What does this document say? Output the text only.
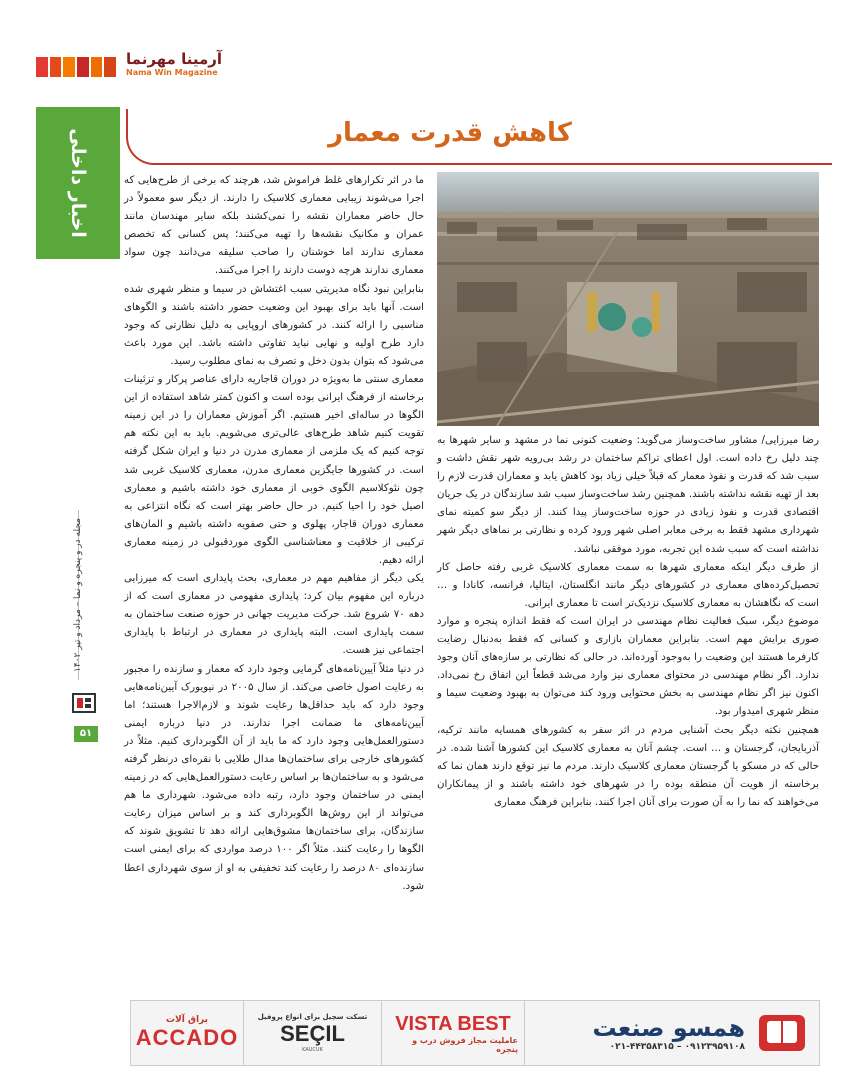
آرمینا مهرنما
Nama Win Magazine
اخبار داخلی
مجله در و پنجره و نما – مرداد و تیر ۱۴۰۲
۵۱
کاهش قدرت معمار

ما در اثر تکرارهای غلط فراموش شد، هرچند که برخی از طرح‌هایی که اجرا می‌شوند زیبایی معماری کلاسیک را دارند. از دیگر سو معمولاً در حال حاضر معماران نقشه را نمی‌کشند بلکه سایر مهندسان مانند عمران و مکانیک نقشه‌ها را تهیه می‌کنند؛ پس کسانی که تخصص معماری ندارند اما خوشنان را صاحب سلیقه می‌دانند چون سواد معماری ندارند هرچه دوست دارند را اجرا می‌کنند.

بنابراین نبود نگاه مدیریتی سبب اغتشاش در سیما و منظر شهری شده است. آنها باید برای بهبود این وضعیت حضور داشته باشند و الگوهای مناسبی را ارائه کنند. در کشورهای اروپایی به دلیل نظارتی که وجود دارد طرح اولیه و نهایی نباید تفاوتی داشته باشد. این مورد باعث می‌شود که بتوان بدون دخل و تصرف به نمای مطلوب رسید.

معماری سنتی ما به‌ویژه در دوران قاجاریه دارای عناصر پرکار و تزئینات برخاسته از فرهنگ ایرانی بوده است و اکنون کمتر شاهد استفاده از این الگوها در ساله‌ای اخیر هستیم. اگر آموزش معماران را در این زمینه تقویت کنیم شاهد طرح‌های عالی‌تری می‌شویم. باید به این نکته هم توجه کنیم که یک ملزمی از معماری مدرن در دنیا و ایران شکل گرفته است. در کشورها جایگزین معماری مدرن، معماری کلاسیک غربی شد چون نئوکلاسیم الگوی خوبی از معماری خود داشته باشیم و معماری اصیل خود را احیا کنیم. در حال حاضر بهتر است که نگاه انتزاعی به معماری دوران قاجار، پهلوی و حتی صفویه داشته باشیم و المان‌های ترکیبی از خلاقیت و معناشناسی الگوی موردقبولی در زمینه معماری ارائه دهیم.

یکی دیگر از مفاهیم مهم در معماری، بحث پایداری است که میرزایی درباره این مفهوم بیان کرد: پایداری مفهومی در معماری است که از دهه ۷۰ شروع شد. حرکت مدیریت جهانی در حوزه صنعت ساختمان به سمت پایداری است. البته پایداری در معماری در ارتباط با پایداری اجتماعی نیز هست.

در دنیا مثلاً آیین‌نامه‌های گرمایی وجود دارد که معمار و سازنده را مجبور به رعایت اصول خاصی می‌کند. از سال ۲۰۰۵ در نیویورک آیین‌نامه‌هایی وجود دارد که باید حداقل‌ها رعایت شوند و لازم‌الاجرا هستند؛ اما آیین‌نامه‌های ما ضمانت اجرا ندارند. در دنیا درباره ایمنی دستورالعمل‌هایی وجود دارد که ما باید از آن الگوبرداری کنیم. مثلاً در کشورهای خارجی برای ساختمان‌ها مدال طلایی با نقره‌ای درنظر گرفته می‌شود و به ساختمان‌ها بر اساس رعایت دستورالعمل‌هایی که در زمینه ایمنی در ساختمان وجود دارد، رتبه داده می‌شود. شهرداری ما هم می‌تواند از این روش‌ها الگوبرداری کند و بر اساس میزان رعایت سازندگان، برای ساختمان‌ها مشوق‌هایی ارائه دهد تا تشویق شوند که الگوها را رعایت کنند. مثلاً اگر ۱۰۰ درصد مواردی که برای ایمنی است سازنده‌ای ۸۰ درصد را رعایت کند تخفیفی به او از سوی شهرداری اعطا شود.

رضا میرزایی/ مشاور ساخت‌وساز می‌گوید: وضعیت کنونی نما در مشهد و سایر شهرها به چند دلیل رخ داده است. اول اعطای تراکم ساختمان در رشد بی‌رویه شهر نقش داشت و سبب شد که قدرت و نفوذ معمار که قبلاً خیلی زیاد بود کاهش یابد و معماران قدرت لازم را بعد از تهیه نقشه نداشته باشند. همچنین رشد ساخت‌وساز سبب شد سازندگان در یک جریان اقتصادی قدرت و نفوذ زیادی در حوزه ساخت‌وساز پیدا کنند. از دیگر سو کمیته نمای شهرداری مشهد فقط به برخی معابر اصلی شهر ورود کرده و نظارتی بر نماهای دیگر شهر نداشته است که سبب شده این تجربه، مورد موفقی نباشد.

از طرف دیگر اینکه معماری شهرها به سمت معماری کلاسیک غربی رفته حاصل کار تحصیل‌کرده‌های معماری در کشورهای دیگر مانند انگلستان، ایتالیا، فرانسه، کانادا و … است که نگاهشان به معماری کلاسیک نزدیک‌تر است تا معماری ایرانی.

موضوع دیگر، سبک فعالیت نظام مهندسی در ایران است که فقط اندازه پنجره و موارد صوری برایش مهم است. بنابراین معماران بازاری و کسانی که فقط به‌دنبال رضایت کارفرما هستند این وضعیت را به‌وجود آورده‌اند. در حالی که نظارتی بر سازه‌های آنان وجود ندارد. اگر نظام مهندسی در محتوای معماری نیز وارد می‌شد قطعاً این اتفاق رخ نمی‌داد. اکنون نیز اگر نظام مهندسی به بخش محتوایی ورود کند می‌توان به بهبود وضعیت سیما و منظر شهری امیدوار بود.

همچنین نکته دیگر بحث آشنایی مردم در اثر سفر به کشورهای همسایه مانند ترکیه، آذربایجان، گرجستان و … است. چشم آنان به معماری کلاسیک این کشورها آشنا شده. در حالی که در مسکو یا گرجستان معماری کلاسیک دارند. مردم ما نیز توقع دارند همان نما که برخاسته از هویت آن منطقه بوده را در شهرهای خود داشته باشند و از پیمانکاران می‌خواهند که نما را به آن صورت برای آنان اجرا کنند. بنابراین فرهنگ معماری

براق آلات
ACCADO
تسکت سچیل برای انواع پروفیل
SEÇIL
KAUCUK
VISTA BEST
عاملیت مجاز فروش درب و پنجره
همسو صنعت
۰۹۱۲۳۹۵۹۱۰۸ – ۰۲۱-۴۴۳۵۸۳۱۵
